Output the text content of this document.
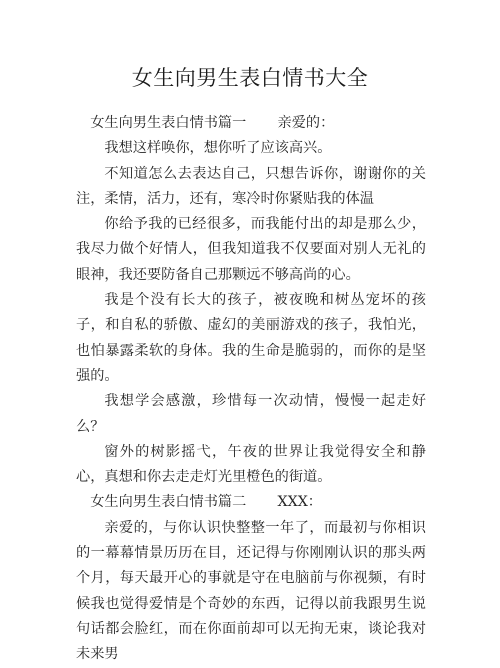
女生向男生表白情书大全

女生向男生表白情书篇一 亲爱的：

我想这样唤你，想你听了应该高兴。

不知道怎么去表达自己，只想告诉你，谢谢你的关注，柔情，活力，还有，寒冷时你紧贴我的体温

你给予我的已经很多，而我能付出的却是那么少，我尽力做个好情人，但我知道我不仅要面对别人无礼的眼神，我还要防备自己那颗远不够高尚的心。

我是个没有长大的孩子，被夜晚和树丛宠坏的孩子，和自私的骄傲、虚幻的美丽游戏的孩子，我怕光，也怕暴露柔软的身体。我的生命是脆弱的，而你的是坚强的。

我想学会感激，珍惜每一次动情，慢慢一起走好么？

窗外的树影摇弋，午夜的世界让我觉得安全和静心，真想和你去走走灯光里橙色的街道。

女生向男生表白情书篇二 XXX：

亲爱的，与你认识快整整一年了，而最初与你相识的一幕幕情景历历在目，还记得与你刚刚认识的那头两个月，每天最开心的事就是守在电脑前与你视频，有时候我也觉得爱情是个奇妙的东西，记得以前我跟男生说句话都会脸红，而在你面前却可以无拘无束，谈论我对未来男
